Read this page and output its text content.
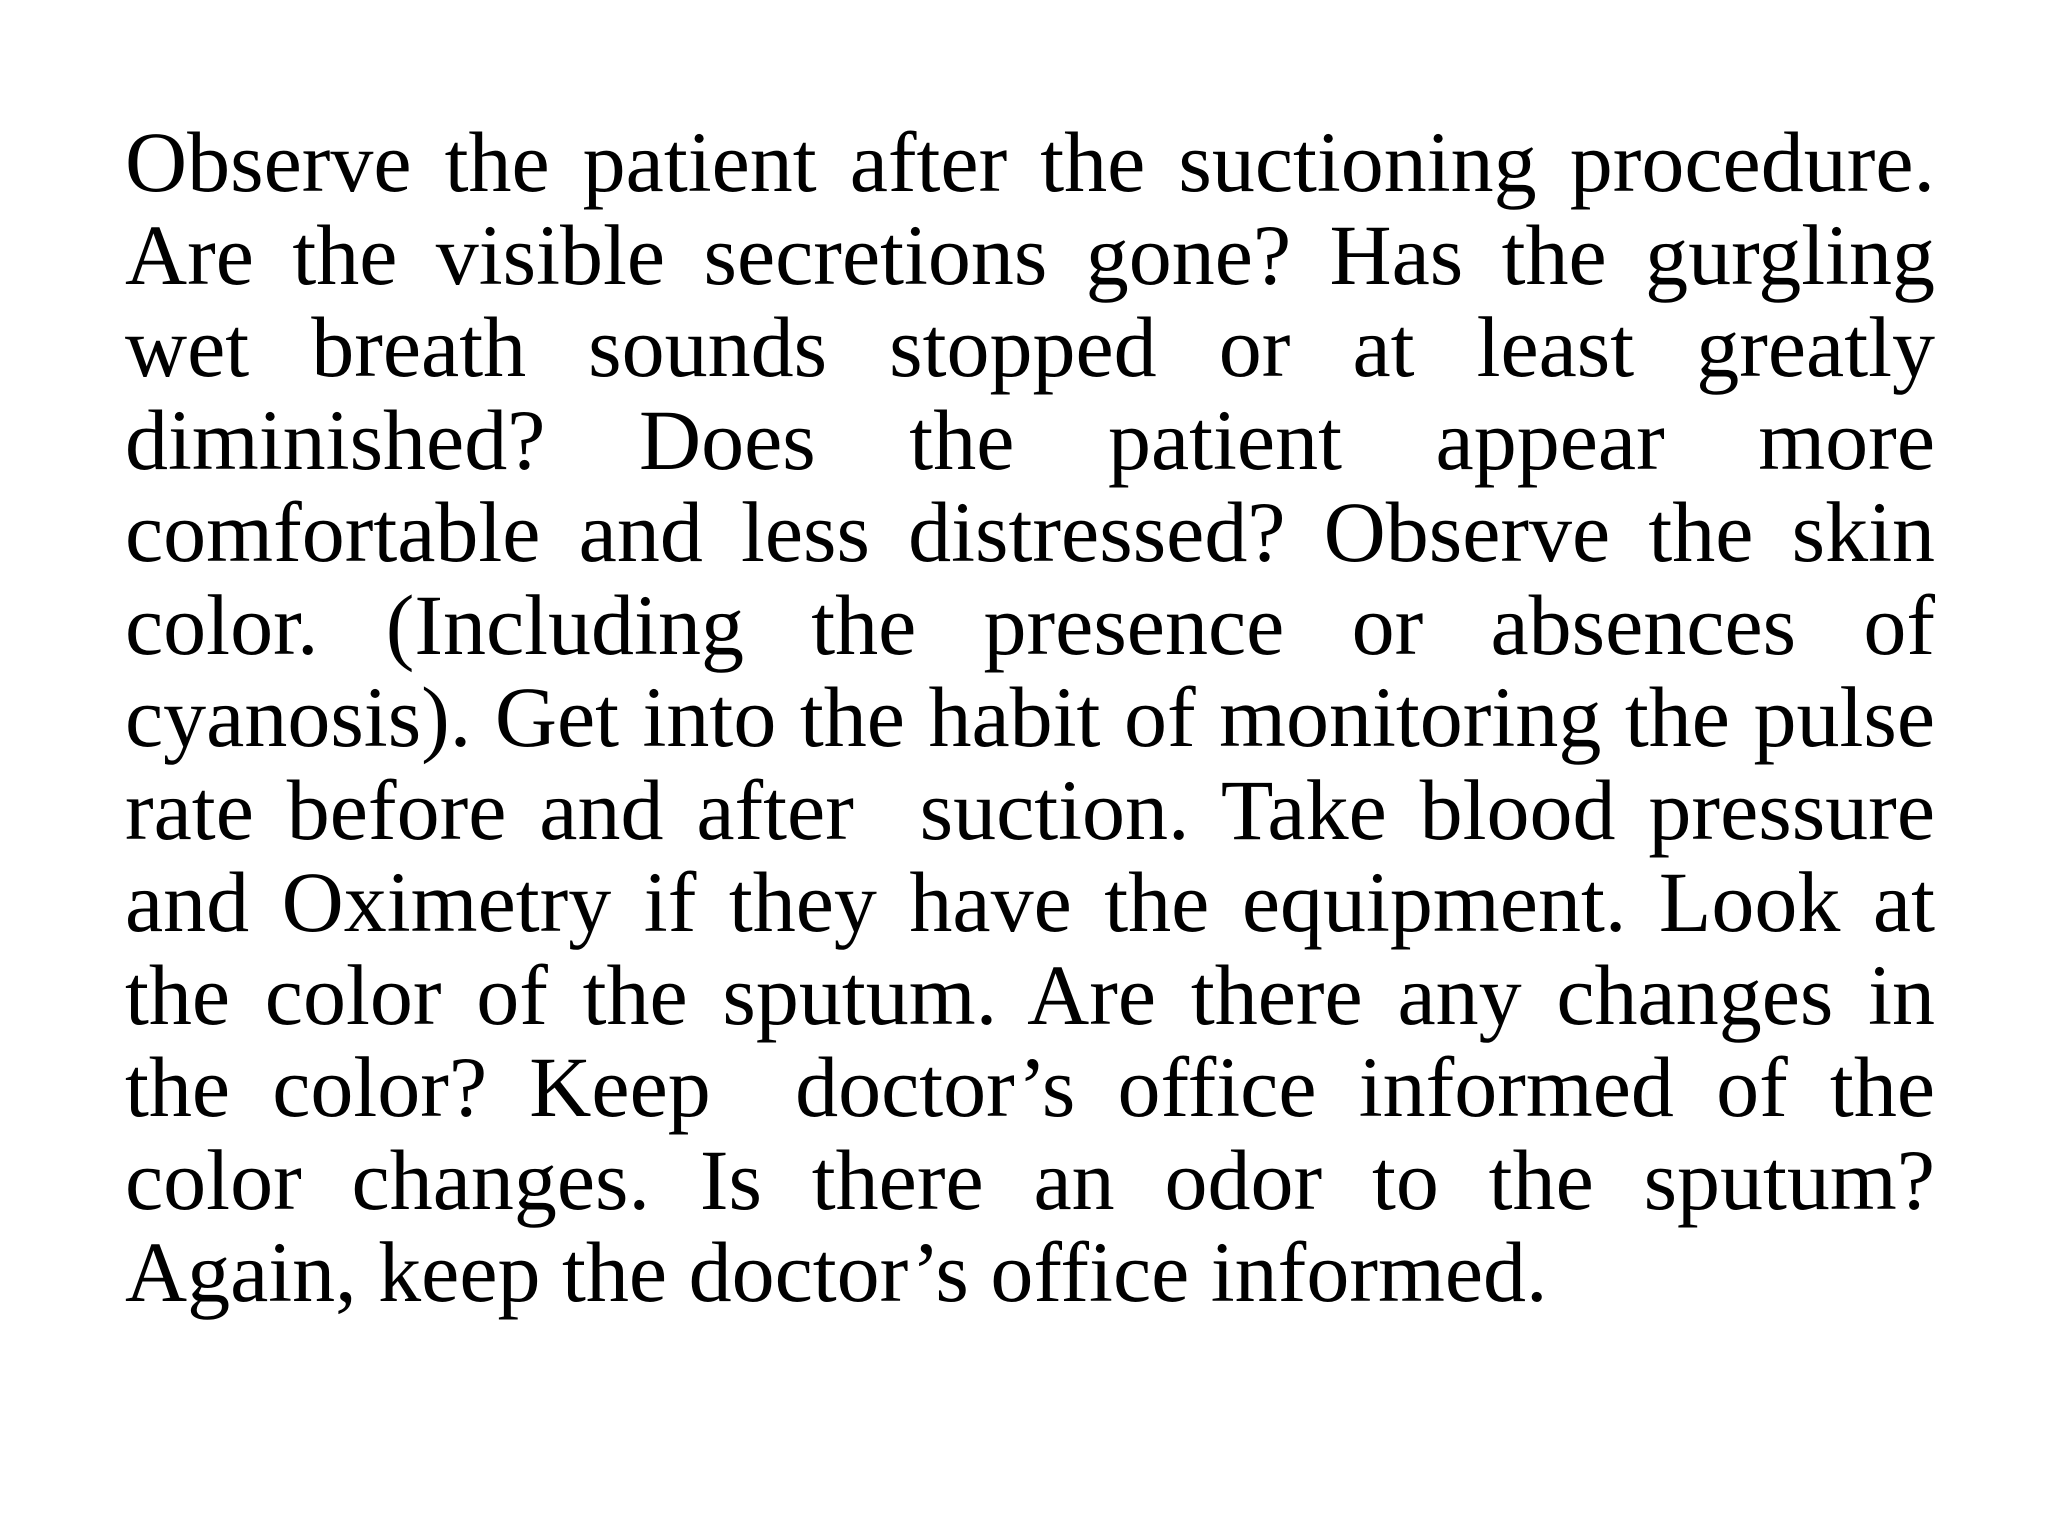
Observe the patient after the suctioning procedure.
Are the visible secretions gone? Has the gurgling
wet breath sounds stopped or at least greatly
diminished? Does the patient appear more
comfortable and less distressed? Observe the skin
color. (Including the presence or absences of
cyanosis). Get into the habit of monitoring the pulse
rate before and after  suction. Take blood pressure
and Oximetry if they have the equipment. Look at
the color of the sputum. Are there any changes in
the color? Keep  doctor’s office informed of the
color changes. Is there an odor to the sputum?
Again, keep the doctor’s office informed.
